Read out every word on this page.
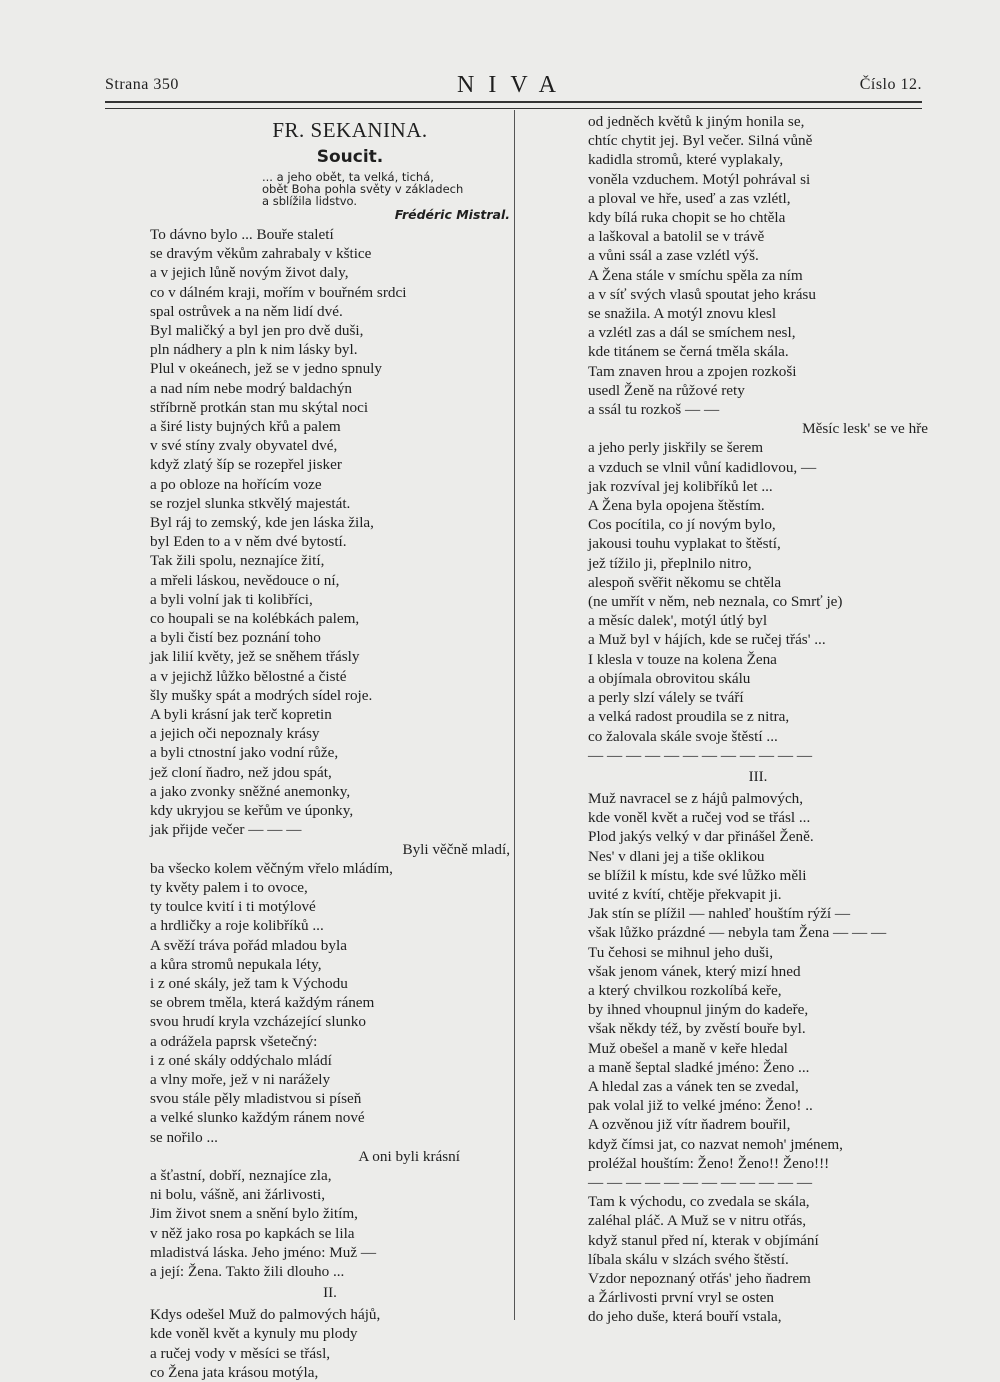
Strana 350	NIVA	Číslo 12.
FR. SEKANINA.
Soucit.
... a jeho obět, ta velká, tichá,
obět Boha pohla světy v základech
a sblížila lidstvo.
Frédéric Mistral.
To dávno bylo ... Bouře staletí
se dravým věkům zahrabaly v kštice
a v jejich lůně novým život daly,
co v dálném kraji, mořím v bouřném srdci
spal ostrůvek a na něm lidí dvé.
Byl maličký a byl jen pro dvě duši,
pln nádhery a pln k nim lásky byl.
Plul v okeánech, jež se v jedno spnuly
a nad ním nebe modrý baldachýn
stříbrně protkán stan mu skýtal noci
a širé listy bujných křů a palem
v své stíny zvaly obyvatel dvé,
když zlatý šíp se rozepřel jisker
a po obloze na hořícím voze
se rozjel slunka stkvělý majestát.
Byl ráj to zemský, kde jen láska žila,
byl Eden to a v něm dvé bytostí.
Tak žili spolu, neznajíce žití,
a mřeli láskou, nevědouce o ní,
a byli volní jak ti kolibříci,
co houpali se na kolébkách palem,
a byli čistí bez poznání toho
jak lilií květy, jež se sněhem třásly
a v jejichž lůžko bělostné a čisté
šly mušky spát a modrých sídel roje.
A byli krásní jak terč kopretin
a jejich oči nepoznaly krásy
a byli ctnostní jako vodní růže,
jež cloní ňadro, než jdou spát,
a jako zvonky sněžné anemonky,
kdy ukryjou se keřům ve úponky,
jak přijde večer — — —
Byli věčně mladí,
ba všecko kolem věčným vřelo mládím,
ty květy palem i to ovoce,
ty toulce kvití i ti motýlové
a hrdličky a roje kolibříků ...
A svěží tráva pořád mladou byla
a kůra stromů nepukala léty,
i z oné skály, jež tam k Východu
se obrem tměla, která každým ránem
svou hrudí kryla vzcházející slunko
a odrážela paprsk všetečný:
i z oné skály oddýchalo mládí
a vlny moře, jež v ni narážely
svou stále pěly mladistvou si píseň
a velké slunko každým ránem nové
se nořilo ...
A oni byli krásní
a šťastní, dobří, neznajíce zla,
ni bolu, vášně, ani žárlivosti,
Jim život snem a snění bylo žitím,
v něž jako rosa po kapkách se lila
mladistvá láska. Jeho jméno: Muž —
a její: Žena. Takto žili dlouho ...
II.
Kdys odešel Muž do palmových hájů,
kde voněl květ a kynuly mu plody
a ručej vody v měsíci se třásl,
co Žena jata krásou motýla,
od jedněch květů k jiným honila se,
chtíc chytit jej. Byl večer. Silná vůně
kadidla stromů, které vyplakaly,
voněla vzduchem. Motýl pohrával si
a ploval ve hře, useď a zas vzlétl,
kdy bílá ruka chopit se ho chtěla
a laškoval a batolil se v trávě
a vůni ssál a zase vzlétl výš.
A Žena stále v smíchu spěla za ním
a v síť svých vlasů spoutat jeho krásu
se snažila. A motýl znovu klesl
a vzlétl zas a dál se smíchem nesl,
kde titánem se černá tměla skála.
Tam znaven hrou a zpojen rozkoši
usedl Ženě na růžové rety
a ssál tu rozkoš — —
Měsíc lesk' se ve hře
a jeho perly jiskřily se šerem
a vzduch se vlnil vůní kadidlovou, —
jak rozvíval jej kolibříků let ...
A Žena byla opojena štěstím.
Cos pocítila, co jí novým bylo,
jakousi touhu vyplakat to štěstí,
jež tížilo ji, přeplnilo nitro,
alespoň svěřit někomu se chtěla
(ne umřít v něm, neb neznala, co Smrť je)
a měsíc dalek', motýl útlý byl
a Muž byl v hájích, kde se ručej třás' ...
I klesla v touze na kolena Žena
a objímala obrovitou skálu
a perly slzí válely se tváří
a velká radost proudila se z nitra,
co žalovala skále svoje štěstí ...
— — — — — — — — — — — —
III.
Muž navracel se z hájů palmových,
kde voněl květ a ručej vod se třásl ...
Plod jakýs velký v dar přinášel Ženě.
Nes' v dlani jej a tiše oklikou
se blížil k místu, kde své lůžko měli
uvité z kvítí, chtěje překvapit ji.
Jak stín se plížil — nahleď houštím rýží —
však lůžko prázdné — nebyla tam Žena — — —
Tu čehosi se mihnul jeho duši,
však jenom vánek, který mizí hned
a který chvilkou rozkolíbá keře,
by ihned vhoupnul jiným do kadeře,
však někdy též, by zvěstí bouře byl.
Muž obešel a maně v keře hledal
a maně šeptal sladké jméno: Ženo ...
A hledal zas a vánek ten se zvedal,
pak volal již to velké jméno: Ženo! ..
A ozvěnou již vítr ňadrem bouřil,
když čímsi jat, co nazvat nemoh' jménem,
proléžal houštím: Ženo! Ženo!! Ženo!!!
— — — — — — — — — — — —
Tam k východu, co zvedala se skála,
zaléhal pláč. A Muž se v nitru otřás,
když stanul před ní, kterak v objímání
líbala skálu v slzách svého štěstí.
Vzdor nepoznaný otřás' jeho ňadrem
a Žárlivosti první vryl se osten
do jeho duše, která bouří vstala,
